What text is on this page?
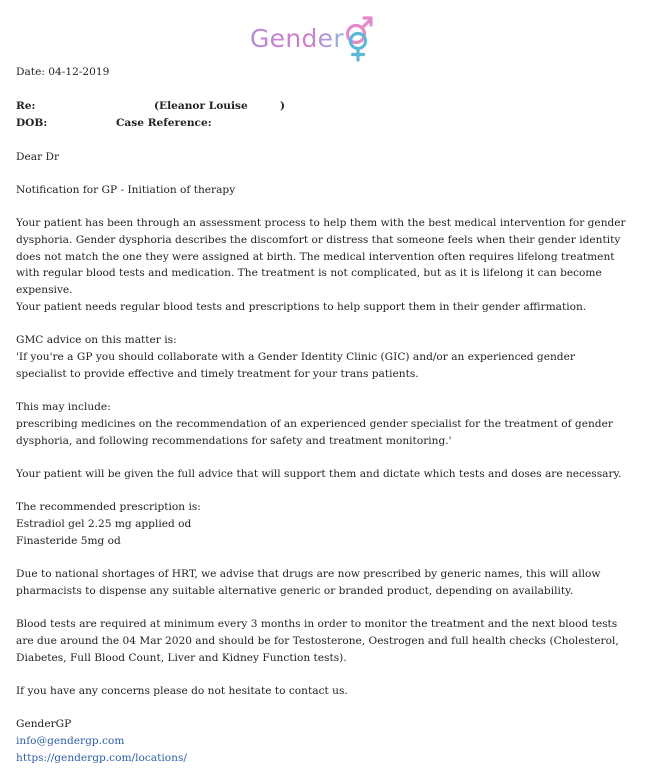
Gender

Date: 04-12-2019

Re:	(Eleanor Louise	)
DOB:	Case Reference:

Dear Dr

Notification for GP - Initiation of therapy

Your patient has been through an assessment process to help them with the best medical intervention for gender dysphoria. Gender dysphoria describes the discomfort or distress that someone feels when their gender identity does not match the one they were assigned at birth. The medical intervention often requires lifelong treatment with regular blood tests and medication. The treatment is not complicated, but as it is lifelong it can become expensive.

Your patient needs regular blood tests and prescriptions to help support them in their gender affirmation.

GMC advice on this matter is:

'If you're a GP you should collaborate with a Gender Identity Clinic (GIC) and/or an experienced gender specialist to provide effective and timely treatment for your trans patients.

This may include:

prescribing medicines on the recommendation of an experienced gender specialist for the treatment of gender dysphoria, and following recommendations for safety and treatment monitoring.'

Your patient will be given the full advice that will support them and dictate which tests and doses are necessary.

The recommended prescription is:

Estradiol gel 2.25 mg applied od

Finasteride 5mg od

Due to national shortages of HRT, we advise that drugs are now prescribed by generic names, this will allow pharmacists to dispense any suitable alternative generic or branded product, depending on availability.

Blood tests are required at minimum every 3 months in order to monitor the treatment and the next blood tests are due around the 04 Mar 2020 and should be for Testosterone, Oestrogen and full health checks (Cholesterol, Diabetes, Full Blood Count, Liver and Kidney Function tests).

If you have any concerns please do not hesitate to contact us.

GenderGP

info@gendergp.com

https://gendergp.com/locations/
